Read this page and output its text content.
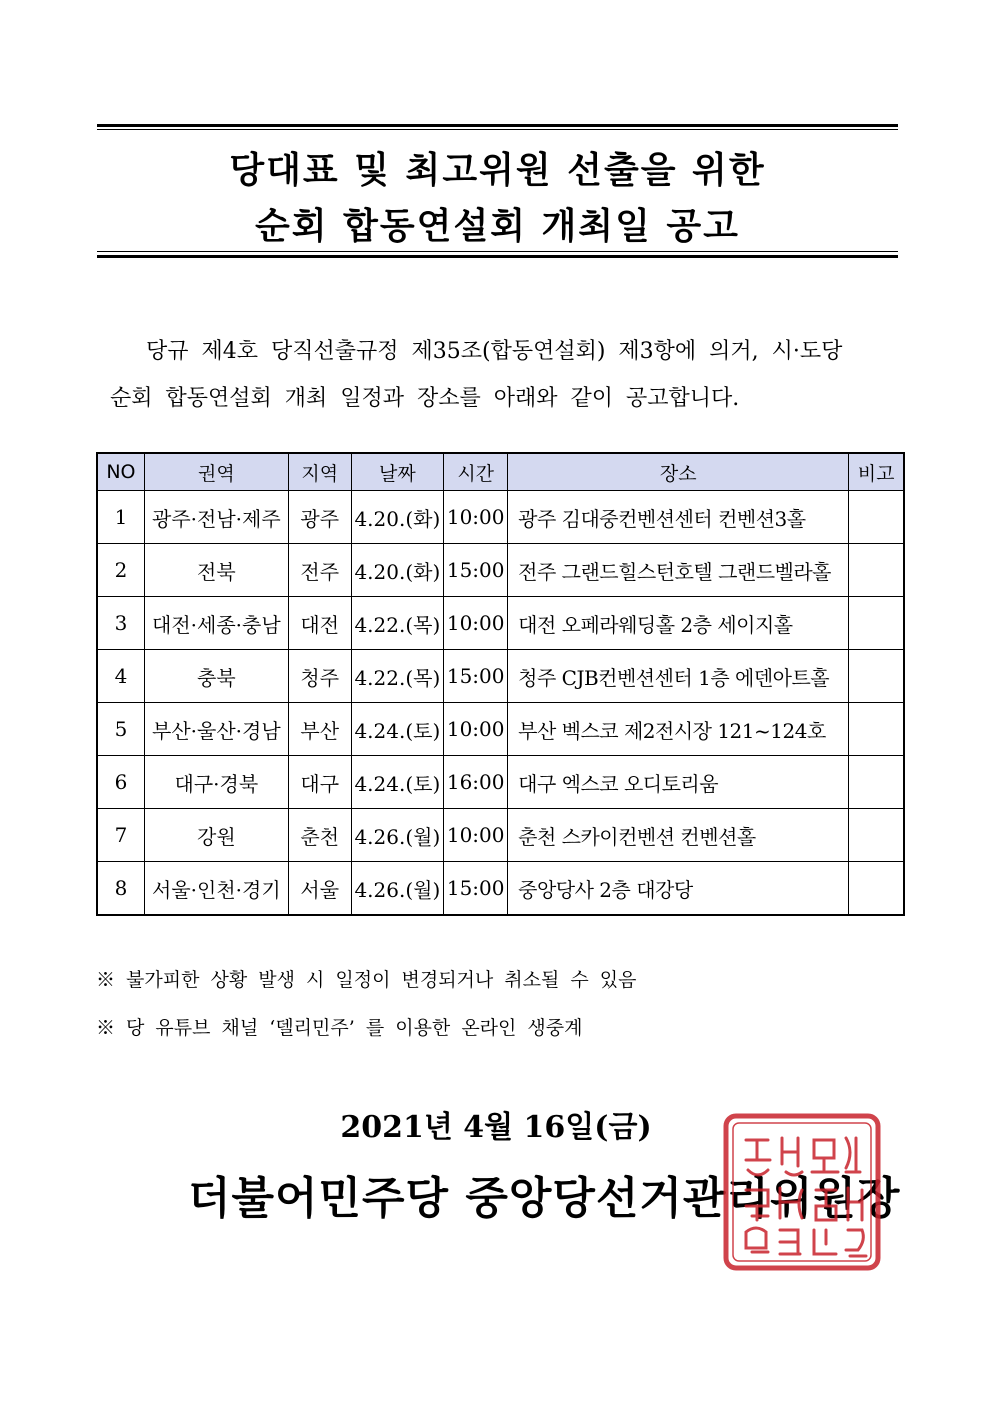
당대표 및 최고위원 선출을 위한
순회 합동연설회 개최일 공고
당규 제4호 당직선출규정 제35조(합동연설회) 제3항에 의거, 시·도당
순회 합동연설회 개최 일정과 장소를 아래와 같이 공고합니다.
NO	권역	지역	날짜	시간	장소	비고
1	광주·전남·제주	광주	4.20.(화)	10:00	광주 김대중컨벤션센터 컨벤션3홀	
2	전북	전주	4.20.(화)	15:00	전주 그랜드힐스턴호텔 그랜드벨라홀	
3	대전·세종·충남	대전	4.22.(목)	10:00	대전 오페라웨딩홀 2층 세이지홀	
4	충북	청주	4.22.(목)	15:00	청주 CJB컨벤션센터 1층 에덴아트홀	
5	부산·울산·경남	부산	4.24.(토)	10:00	부산 벡스코 제2전시장 121~124호	
6	대구·경북	대구	4.24.(토)	16:00	대구 엑스코 오디토리움	
7	강원	춘천	4.26.(월)	10:00	춘천 스카이컨벤션 컨벤션홀	
8	서울·인천·경기	서울	4.26.(월)	15:00	중앙당사 2층 대강당	
※ 불가피한 상황 발생 시 일정이 변경되거나 취소될 수 있음
※ 당 유튜브 채널 ‘델리민주’ 를 이용한 온라인 생중계
2021년 4월 16일(금)
더불어민주당 중앙당선거관리위원장
